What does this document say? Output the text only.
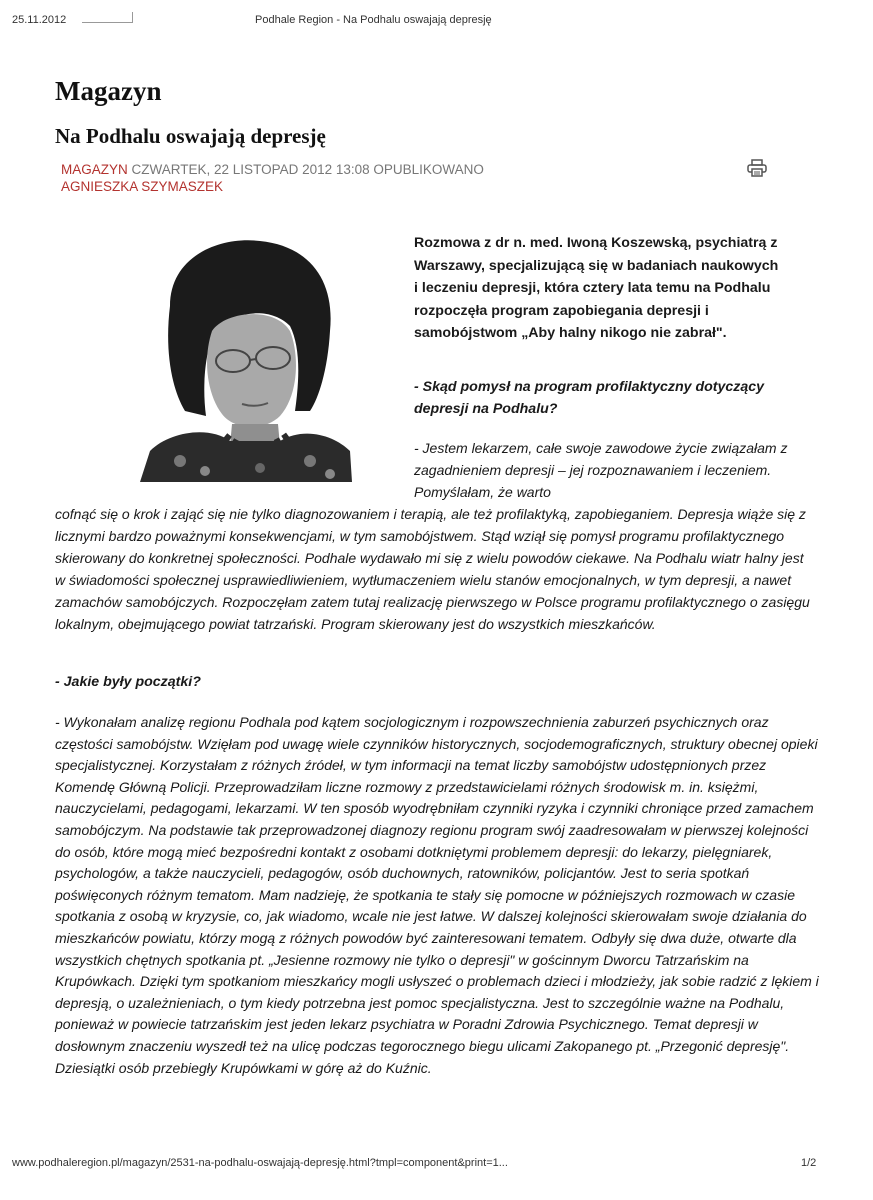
25.11.2012	Podhale Region - Na Podhalu oswajają depresję
Magazyn
Na Podhalu oswajają depresję
MAGAZYN CZWARTEK, 22 LISTOPAD 2012 13:08 OPUBLIKOWANO
AGNIESZKA SZYMASZEK
Rozmowa z dr n. med. Iwoną Koszewską, psychiatrą z Warszawy, specjalizującą się w badaniach naukowych i leczeniu depresji, która cztery lata temu na Podhalu rozpoczęła program zapobiegania depresji i samobójstwom „Aby halny nikogo nie zabrał".
- Skąd pomysł na program profilaktyczny dotyczący depresji na Podhalu?
- Jestem lekarzem, całe swoje zawodowe życie związałam z zagadnieniem depresji – jej rozpoznawaniem i leczeniem. Pomyślałam, że warto
cofnąć się o krok i zająć się nie tylko diagnozowaniem i terapią, ale też profilaktyką, zapobieganiem. Depresja wiąże się z licznymi bardzo poważnymi konsekwencjami, w tym samobójstwem. Stąd wziął się pomysł programu profilaktycznego skierowany do konkretnej społeczności. Podhale wydawało mi się z wielu powodów ciekawe. Na Podhalu wiatr halny jest w świadomości społecznej usprawiedliwieniem, wytłumaczeniem wielu stanów emocjonalnych, w tym depresji, a nawet zamachów samobójczych. Rozpoczęłam zatem tutaj realizację pierwszego w Polsce programu profilaktycznego o zasięgu lokalnym, obejmującego powiat tatrzański. Program skierowany jest do wszystkich mieszkańców.
- Jakie były początki?
- Wykonałam analizę regionu Podhala pod kątem socjologicznym i rozpowszechnienia zaburzeń psychicznych oraz częstości samobójstw. Wzięłam pod uwagę wiele czynników historycznych, socjodemograficznych, struktury obecnej opieki specjalistycznej. Korzystałam z różnych źródeł, w tym informacji na temat liczby samobójstw udostępnionych przez Komendę Główną Policji. Przeprowadziłam liczne rozmowy z przedstawicielami różnych środowisk m. in. księżmi, nauczycielami, pedagogami, lekarzami. W ten sposób wyodrębniłam czynniki ryzyka i czynniki chroniące przed zamachem samobójczym. Na podstawie tak przeprowadzonej diagnozy regionu program swój zaadresowałam w pierwszej kolejności do osób, które mogą mieć bezpośredni kontakt z osobami dotkniętymi problemem depresji: do lekarzy, pielęgniarek, psychologów, a także nauczycieli, pedagogów, osób duchownych, ratowników, policjantów. Jest to seria spotkań poświęconych różnym tematom. Mam nadzieję, że spotkania te stały się pomocne w późniejszych rozmowach w czasie spotkania z osobą w kryzysie, co, jak wiadomo, wcale nie jest łatwe. W dalszej kolejności skierowałam swoje działania do mieszkańców powiatu, którzy mogą z różnych powodów być zainteresowani tematem. Odbyły się dwa duże, otwarte dla wszystkich chętnych spotkania pt. „Jesienne rozmowy nie tylko o depresji" w gościnnym Dworcu Tatrzańskim na Krupówkach. Dzięki tym spotkaniom mieszkańcy mogli usłyszeć o problemach dzieci i młodzieży, jak sobie radzić z lękiem i depresją, o uzależnieniach, o tym kiedy potrzebna jest pomoc specjalistyczna. Jest to szczególnie ważne na Podhalu, ponieważ w powiecie tatrzańskim jest jeden lekarz psychiatra w Poradni Zdrowia Psychicznego. Temat depresji w dosłownym znaczeniu wyszedł też na ulicę podczas tegorocznego biegu ulicami Zakopanego pt. „Przegonić depresję". Dziesiątki osób przebiegły Krupówkami w górę aż do Kuźnic.
www.podhaleregion.pl/magazyn/2531-na-podhalu-oswajają-depresję.html?tmpl=component&print=1...	1/2
